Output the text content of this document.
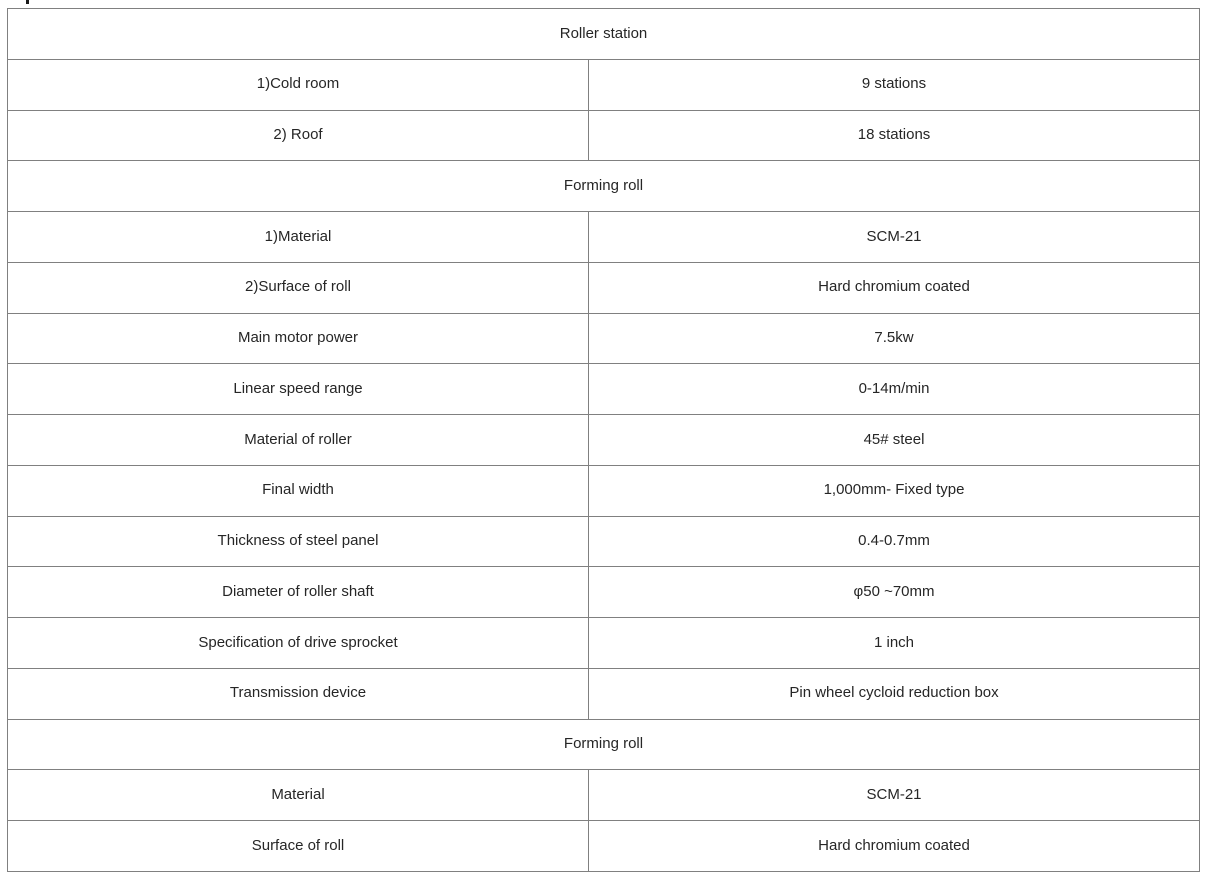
Roller station	
1)Cold room	9 stations
2) Roof	18 stations
Forming roll	
1)Material	SCM-21
2)Surface of roll	Hard chromium coated
Main motor power	7.5kw
Linear speed range	0-14m/min
Material of roller	45# steel
Final width	1,000mm- Fixed type
Thickness of steel panel	0.4-0.7mm
Diameter of roller shaft	φ50 ~70mm
Specification of drive sprocket	1 inch
Transmission device	Pin wheel cycloid reduction box
Forming roll	
Material	SCM-21
Surface of roll	Hard chromium coated
